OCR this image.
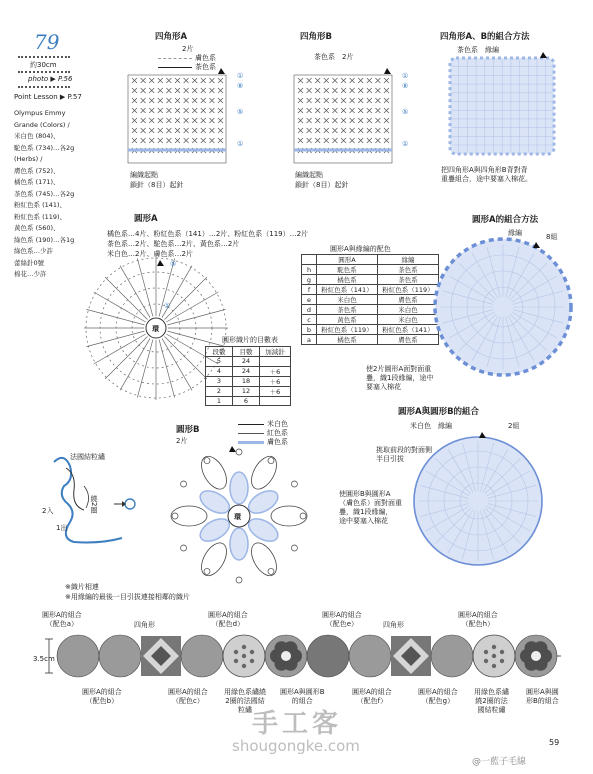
79
約30cm
photo ▶ P.56
Point Lesson ▶ P.57
Olympus Emmy
Grande (Colors) /
米白色 (804)、
駝色系 (734)…各2g
(Herbs) /
膚色系 (752)、
橘色系 (171)、
茶色系 (745)…各2g
粉紅色系 (141)、
粉紅色系 (119)、
黃色系 (560)、
綠色系 (190)…各1g
綠色系…少許
蕾絲針0號
棉花…少許
四角形A
2片
膚色系
茶色系
①
⑧
⑤
①
編織起點
鎖針（8目）起針
四角形B
茶色系　2片
①
⑧
⑤
①
編織起點
鎖針（8目）起針
四角形A、B的組合方法
茶色系　緣編
把四角形A與四角形B背對背
重疊組合，途中要塞入棉花。
圓形A
橘色系…4片、粉紅色系（141）…2片、粉紅色系（119）…2片
茶色系…2片、駝色系…2片、黃色系…2片
米白色…2片、膚色系…2片
環
⑤
①
圓形A與緣編的配色
	圓形A	緣編
h	駝色系	茶色系
g	橘色系	茶色系
f	粉紅色系（141）	粉紅色系（119）
e	米白色	膚色系
d	茶色系	米白色
c	黃色系	米白色
b	粉紅色系（119）	粉紅色系（141）
a	橘色系	膚色系
圓形織片的目數表
段數	目數	加減針
5	24	
4	24	＋6
3	18	＋6
2	12	＋6
1	6	
圓形A的組合方法
緣編	8組
使2片圓形A面對面重
疊，織1段緣編，途中
要塞入棉花
圓形B
2片
米白色
紅色系
膚色系
環
圓形A與圓形B的組合
米白色　緣編	2組
挑取前段的對面側
半目引拔
使圓形B與圓形A
（膚色系）面對面重
疊，織1段緣編，
途中要塞入棉花
法國結粒繡
2入	繞2圈
1出
※織片相連
※用緣編的最後一目引拔連接相鄰的織片
3.5cm
圓形A的組合
（配色a）	四角形
圓形A的組合
（配色d）
圓形A的組合
（配色e）	四角形
圓形A的組合
（配色h）
圓形A的組合
（配色b）
圓形A的組合
（配色c）
用綠色系繡繞
2圈的法國結
粒繡
圓形A與圓形B
的組合
圓形A的組合
（配色f）
圓形A的組合
（配色g）
用綠色系繡
繞2圈的法
國結粒繡
圓形A與圓
形B的組合
手工客
shougongke.com	59
@一藍子毛線
